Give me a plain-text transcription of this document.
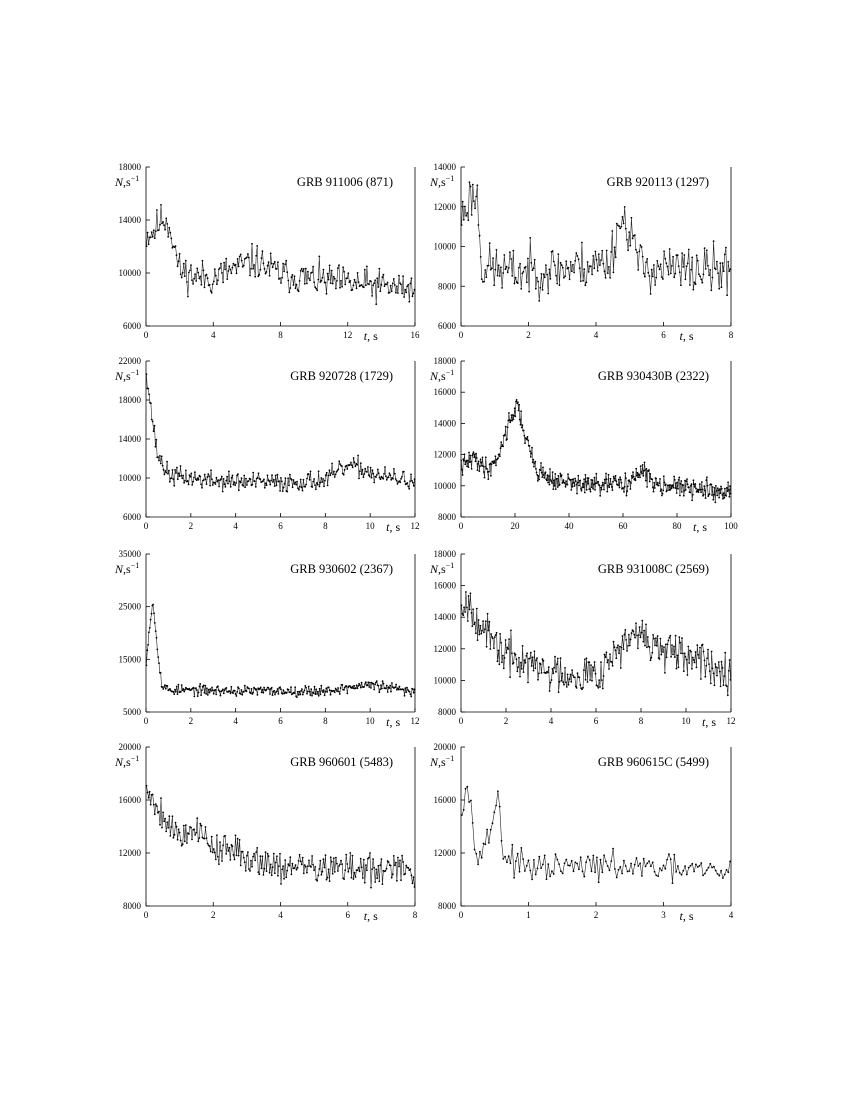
6000
10000
14000
18000
0	4	8	12	16
$N,s^{-1}$
t, s
GRB 911006 (871)
6000
8000
10000
12000
14000
0	2	4	6	8
$N,s^{-1}$
t, s
GRB 920113 (1297)
6000
10000
14000
18000
22000
0	2	4	6	8	10	12
$N,s^{-1}$
t, s
GRB 920728 (1729)
8000
10000
12000
14000
16000
18000
0	20	40	60	80	100
$N,s^{-1}$
t, s
GRB 930430B (2322)
5000
15000
25000
35000
0	2	4	6	8	10	12
$N,s^{-1}$
t, s
GRB 930602 (2367)
8000
10000
12000
14000
16000
18000
0	2	4	6	8	10	12
$N,s^{-1}$
t, s
GRB 931008C (2569)
8000
12000
16000
20000
0	2	4	6	8
$N,s^{-1}$
t, s
GRB 960601 (5483)
8000
12000
16000
20000
0	1	2	3	4
$N,s^{-1}$
t, s
GRB 960615C (5499)
